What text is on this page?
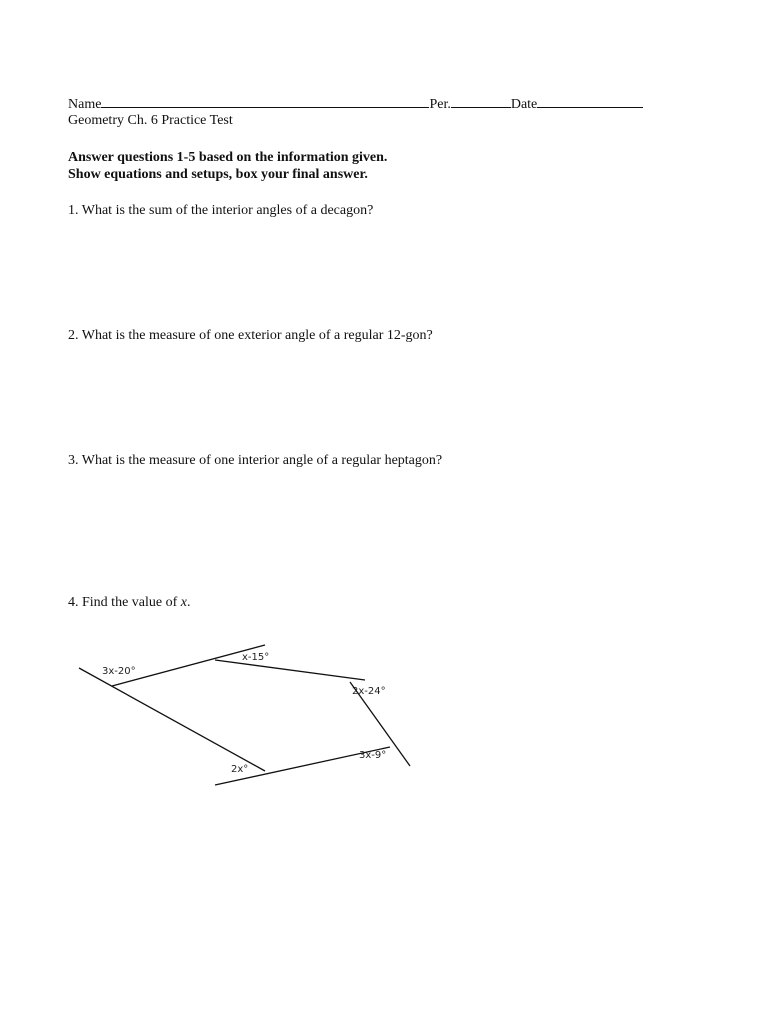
Name	Per.	Date
Geometry Ch. 6 Practice Test
Answer questions 1-5 based on the information given.
Show equations and setups, box your final answer.
1. What is the sum of the interior angles of a decagon?
2. What is the measure of one exterior angle of a regular 12-gon?
3. What is the measure of one interior angle of a regular heptagon?
4. Find the value of x.
3x-20°
x-15°
2x-24°
3x-9°
2x°
